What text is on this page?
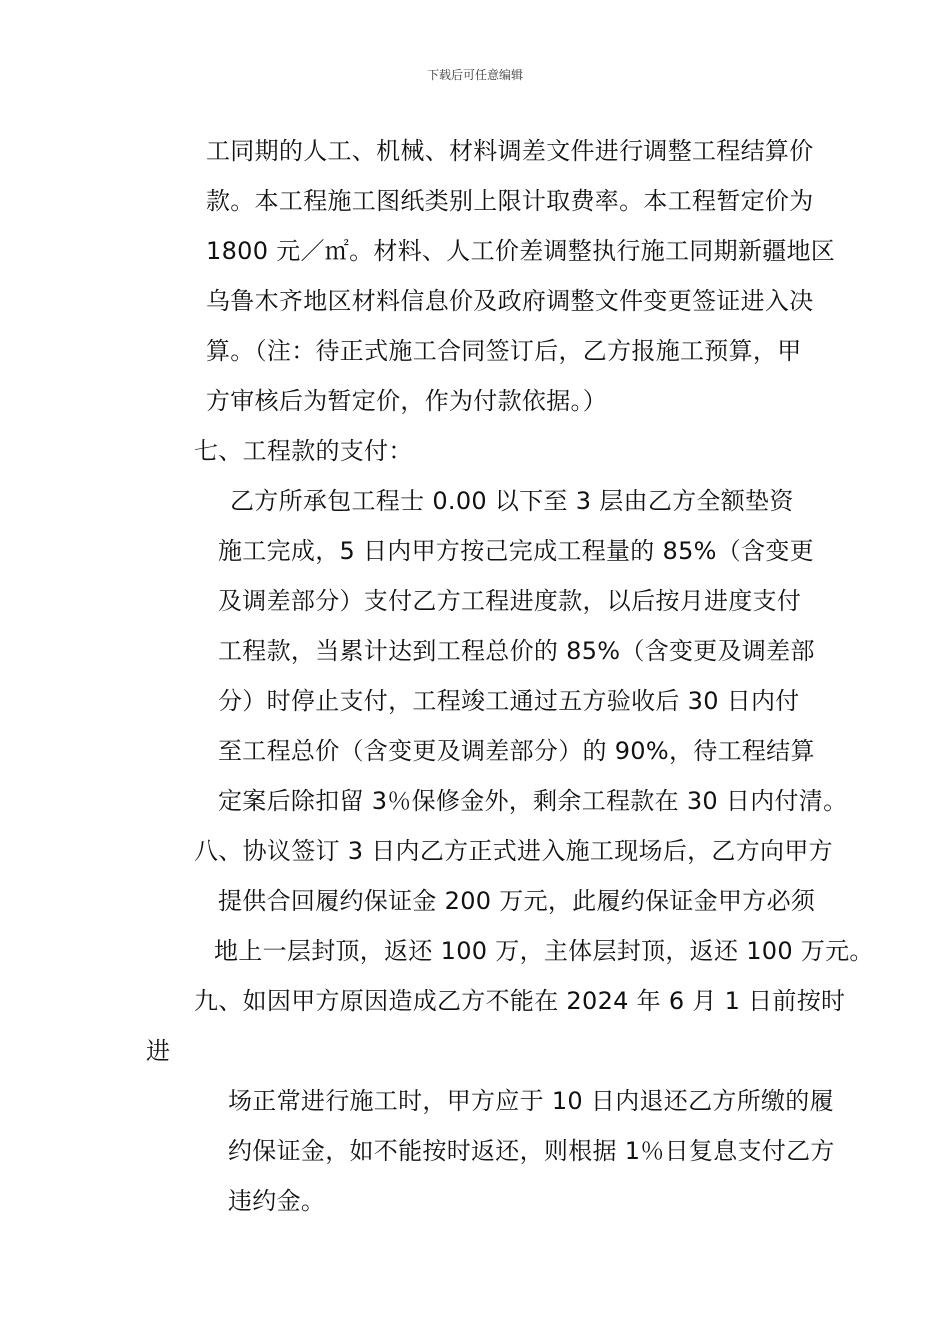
下载后可任意编辑
工同期的人工、机械、材料调差文件进行调整工程结算价
款。本工程施工图纸类别上限计取费率。本工程暂定价为
1800 元／㎡。材料、人工价差调整执行施工同期新疆地区
乌鲁木齐地区材料信息价及政府调整文件变更签证进入决
算。（注：待正式施工合同签订后，乙方报施工预算，甲
方审核后为暂定价，作为付款依据。）
七、工程款的支付：
乙方所承包工程士 0.00 以下至 3 层由乙方全额垫资
施工完成，5 日内甲方按己完成工程量的 85%（含变更
及调差部分）支付乙方工程进度款，以后按月进度支付
工程款，当累计达到工程总价的 85%（含变更及调差部
分）时停止支付，工程竣工通过五方验收后 30 日内付
至工程总价（含变更及调差部分）的 90%，待工程结算
定案后除扣留 3％保修金外，剩余工程款在 30 日内付清。
八、协议签订 3 日内乙方正式进入施工现场后，乙方向甲方
提供合回履约保证金 200 万元，此履约保证金甲方必须
地上一层封顶，返还 100 万，主体层封顶，返还 100 万元。
九、如因甲方原因造成乙方不能在 2024 年 6 月 1 日前按时
进
场正常进行施工时，甲方应于 10 日内退还乙方所缴的履
约保证金，如不能按时返还，则根据 1％日复息支付乙方
违约金。
